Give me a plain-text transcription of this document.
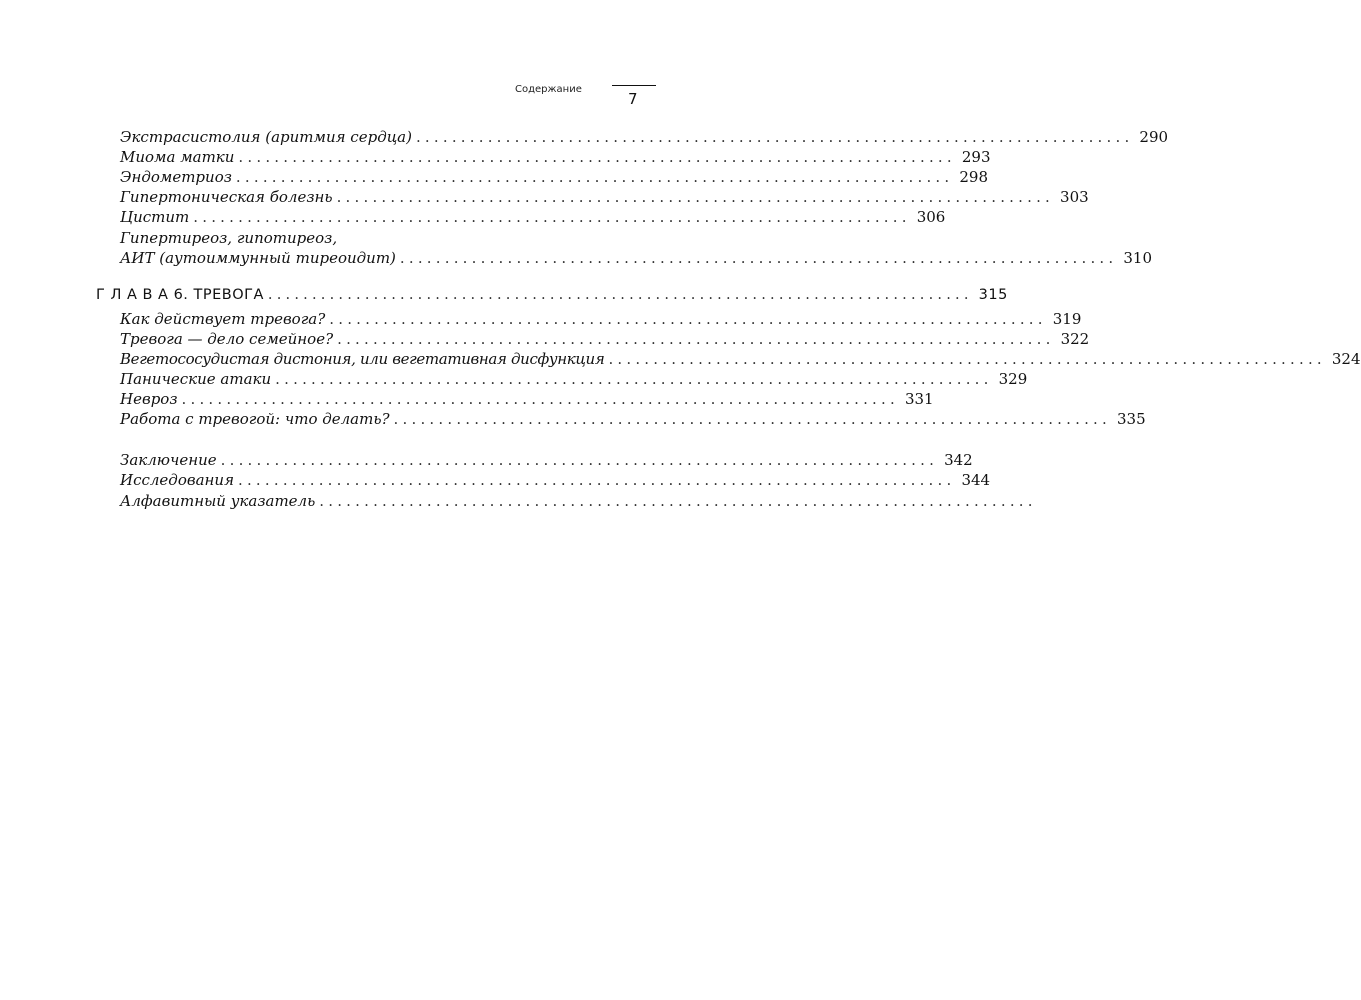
Содержание
7
Экстрасистолия (аритмия сердца) ................................................................................ 290
Миома матки ................................................................................ 293
Эндометриоз ................................................................................ 298
Гипертоническая болезнь ................................................................................ 303
Цистит ................................................................................ 306
Гипертиреоз, гипотиреоз,
АИТ (аутоиммунный тиреоидит) ................................................................................ 310
Г Л А В А 6. ТРЕВОГА ................................................................................ 315
Как действует тревога? ................................................................................ 319
Тревога — дело семейное? ................................................................................ 322
Вегетососудистая дистония, или вегетативная дисфункция ................................................................................ 324
Панические атаки ................................................................................ 329
Невроз ................................................................................ 331
Работа с тревогой: что делать? ................................................................................ 335
Заключение ................................................................................ 342
Исследования ................................................................................ 344
Алфавитный указатель ................................................................................
